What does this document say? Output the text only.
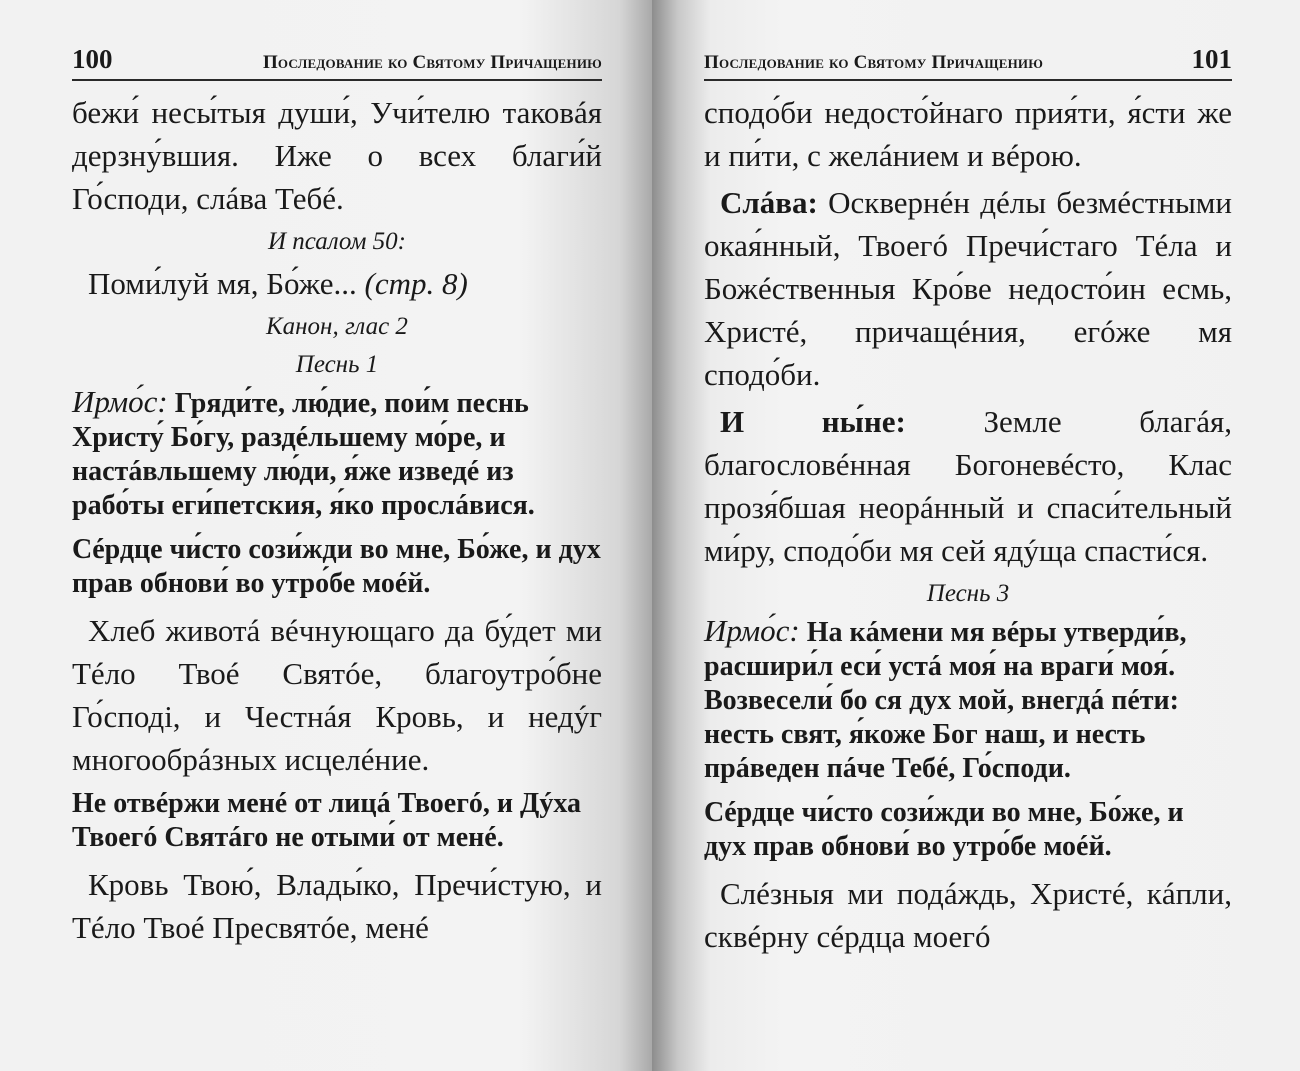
100	Последование ко Святому Причащению

бежи́ несы́тыя души́, Учи́телю таковáя дерзну́вшия. Иже о всех благи́й Го́споди, слáва Тебé.

И псалом 50:

Поми́луй мя, Бо́же... (стр. 8)

Канон, глас 2
Песнь 1

Ирмо́с: Гряди́те, лю́дие, пои́м песнь Христу́ Бо́гу, раздéльшему мо́ре, и настáвльшему лю́ди, я́же изведé из рабо́ты еги́петския, я́ко прослáвися.

Сéрдце чи́сто сози́жди во мне, Бо́же, и дух прав обнови́ во утро́бе моéй.

Хлеб животá вéчнующаго да бу́дет ми Тéло Твоé Святóе, благоутро́бне Го́сподi, и Честнáя Кровь, и недýг многообрáзных исцелéние.

Не отвéржи менé от лицá Твоегó, и Дýха Твоегó Святáго не отыми́ от менé.

Кровь Твою́, Влады́ко, Пречи́стую, и Тéло Твоé Пресвятóе, менé

Последование ко Святому Причащению	101

сподо́би недосто́йнаго прия́ти, я́сти же и пи́ти, с желáнием и вéрою.

Слáва: Осквернéн дéлы безмéстными окая́нный, Твоегó Пречи́стаго Тéла и Божéственныя Кро́ве недосто́ин есмь, Христé, причащéния, егóже мя сподо́би.

И ны́не: Земле благáя, благословéнная Богоневéсто, Клас прозя́бшая неорáнный и спаси́тельный ми́ру, сподо́би мя сей ядýща спасти́ся.

Песнь 3

Ирмо́с: На кáмени мя вéры утверди́в, расшири́л еси́ устá моя́ на враги́ моя́. Возвесели́ бо ся дух мой, внегдá пéти: несть свят, я́коже Бог наш, и несть прáведен пáче Тебé, Го́споди.

Сéрдце чи́сто сози́жди во мне, Бо́же, и дух прав обнови́ во утро́бе моéй.

Слéзныя ми подáждь, Христé, кáпли, сквéрну сéрдца моегó
